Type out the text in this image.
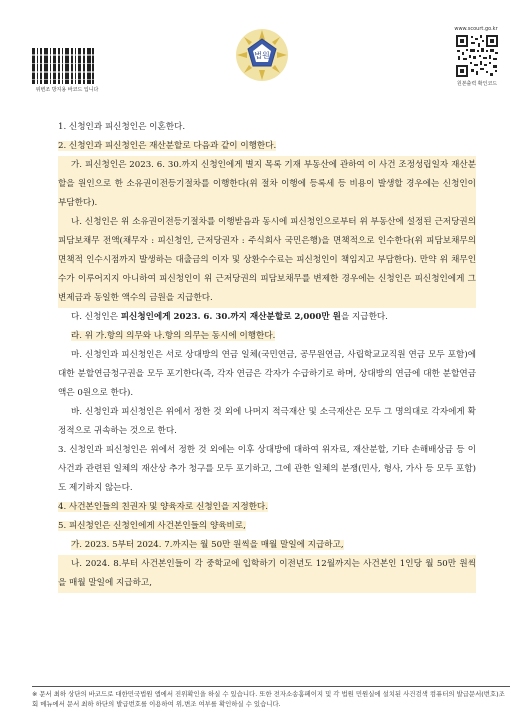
위변조 방지용 바코드 입니다
법원
www.scourt.go.kr
원본출력 확인코드

1. 신청인과 피신청인은 이혼한다.

2. 신청인과 피신청인은 재산분할로 다음과 같이 이행한다.

가. 피신청인은 2023. 6. 30.까지 신청인에게 별지 목록 기재 부동산에 관하여 이 사건 조정성립일자 재산분할을 원인으로 한 소유권이전등기절차를 이행한다(위 절차 이행에 등록세 등 비용이 발생할 경우에는 신청인이 부담한다).

나. 신청인은 위 소유권이전등기절차를 이행받음과 동시에 피신청인으로부터 위 부동산에 설정된 근저당권의 피담보채무 전액(채무자 : 피신청인, 근저당권자 : 주식회사 국민은행)을 면책적으로 인수한다(위 피담보채무의 면책적 인수시점까지 발생하는 대출금의 이자 및 상환수수료는 피신청인이 책임지고 부담한다). 만약 위 채무인수가 이루어지지 아니하여 피신청인이 위 근저당권의 피담보채무를 변제한 경우에는 신청인은 피신청인에게 그 변제금과 동일한 액수의 금원을 지급한다.

다. 신청인은 피신청인에게 2023. 6. 30.까지 재산분할로 2,000만 원을 지급한다.

라. 위 가.항의 의무와 나.항의 의무는 동시에 이행한다.

마. 신청인과 피신청인은 서로 상대방의 연금 일체(국민연금, 공무원연금, 사립학교교직원 연금 모두 포함)에 대한 분할연금청구권을 모두 포기한다(즉, 각자 연금은 각자가 수급하기로 하며, 상대방의 연금에 대한 분할연금액은 0원으로 한다).

바. 신청인과 피신청인은 위에서 정한 것 외에 나머지 적극재산 및 소극재산은 모두 그 명의대로 각자에게 확정적으로 귀속하는 것으로 한다.

3. 신청인과 피신청인은 위에서 정한 것 외에는 이후 상대방에 대하여 위자료, 재산분할, 기타 손해배상금 등 이 사건과 관련된 일체의 재산상 추가 청구를 모두 포기하고, 그에 관한 일체의 분쟁(민사, 형사, 가사 등 모두 포함)도 제기하지 않는다.

4. 사건본인들의 친권자 및 양육자로 신청인을 지정한다.

5. 피신청인은 신청인에게 사건본인들의 양육비로,

가. 2023. 5부터 2024. 7.까지는 월 50만 원씩을 매월 말일에 지급하고,

나. 2024. 8.부터 사건본인들이 각 중학교에 입학하기 이전년도 12월까지는 사건본인 1인당 월 50만 원씩을 매월 말일에 지급하고,

※ 문서 최하 상단의 바코드로 대한민국법원 앱에서 진위확인을 하실 수 있습니다. 또한 전자소송홈페이지 및 각 법원 민원실에 설치된 사건검색 컴퓨터의 발급문서(번호)조회 메뉴에서 문서 최하 하단의 발급번호를 이용하여 위,변조 여부를 확인하실 수 있습니다.
